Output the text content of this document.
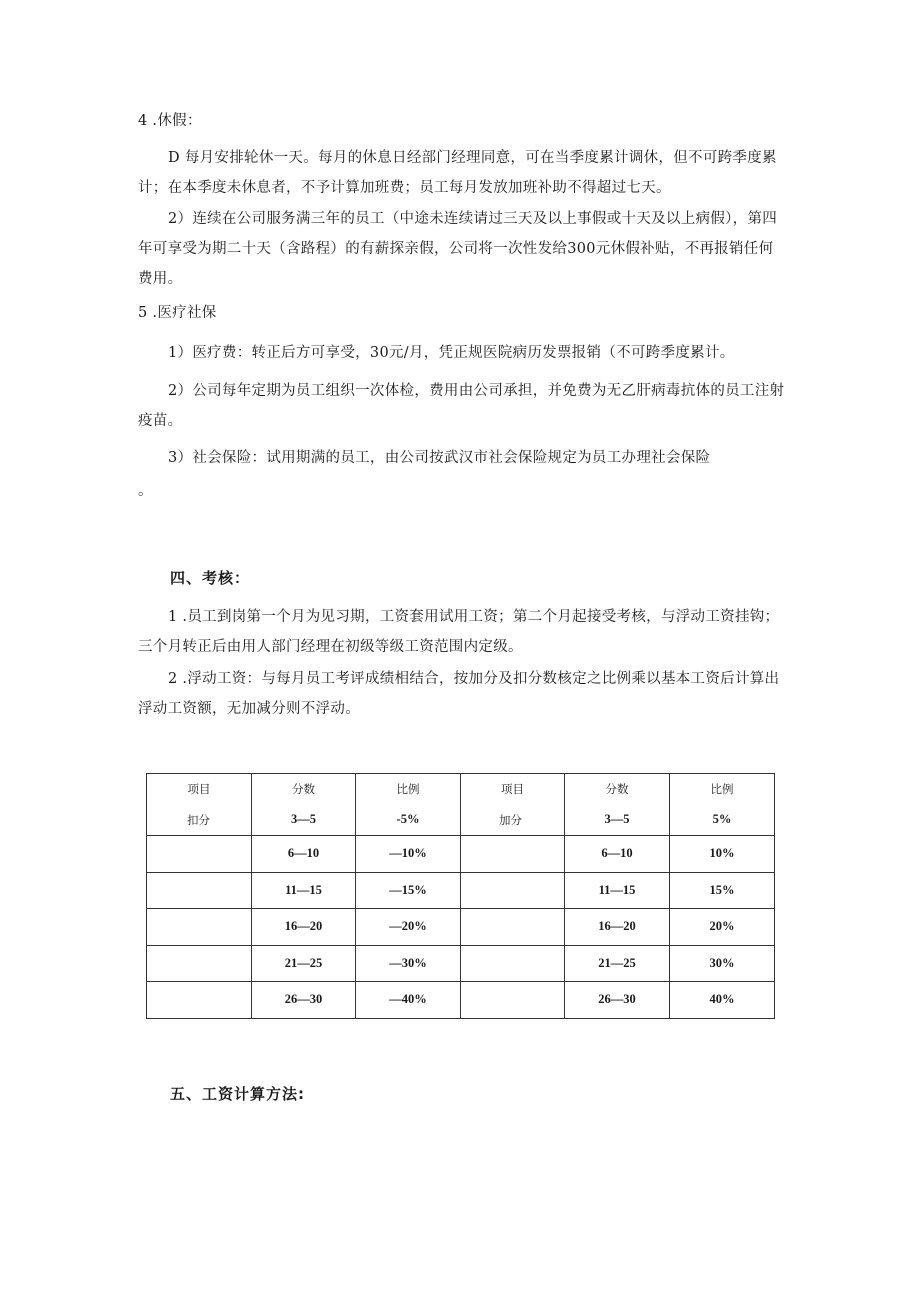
4 .休假：

D 每月安排轮休一天。每月的休息日经部门经理同意，可在当季度累计调休，但不可跨季度累计；在本季度未休息者，不予计算加班费；员工每月发放加班补助不得超过七天。

2）连续在公司服务满三年的员工（中途未连续请过三天及以上事假或十天及以上病假），第四年可享受为期二十天（含路程）的有薪探亲假，公司将一次性发给300元休假补贴，不再报销任何费用。

5 .医疗社保

1）医疗费：转正后方可享受，30元/月，凭正规医院病历发票报销（不可跨季度累计。

2）公司每年定期为员工组织一次体检，费用由公司承担，并免费为无乙肝病毒抗体的员工注射疫苗。

3）社会保险：试用期满的员工，由公司按武汉市社会保险规定为员工办理社会保险

。

四、考核：

1 .员工到岗第一个月为见习期，工资套用试用工资；第二个月起接受考核，与浮动工资挂钩；三个月转正后由用人部门经理在初级等级工资范围内定级。

2 .浮动工资：与每月员工考评成绩相结合，按加分及扣分数核定之比例乘以基本工资后计算出浮动工资额，无加减分则不浮动。

项目	分数	比例	项目	分数	比例
扣分	3—5	-5%	加分	3—5	5%
	6—10	—10%		6—10	10%
	11—15	—15%		11—15	15%
	16—20	—20%		16—20	20%
	21—25	—30%		21—25	30%
	26—30	—40%		26—30	40%

五、工资计算方法:
